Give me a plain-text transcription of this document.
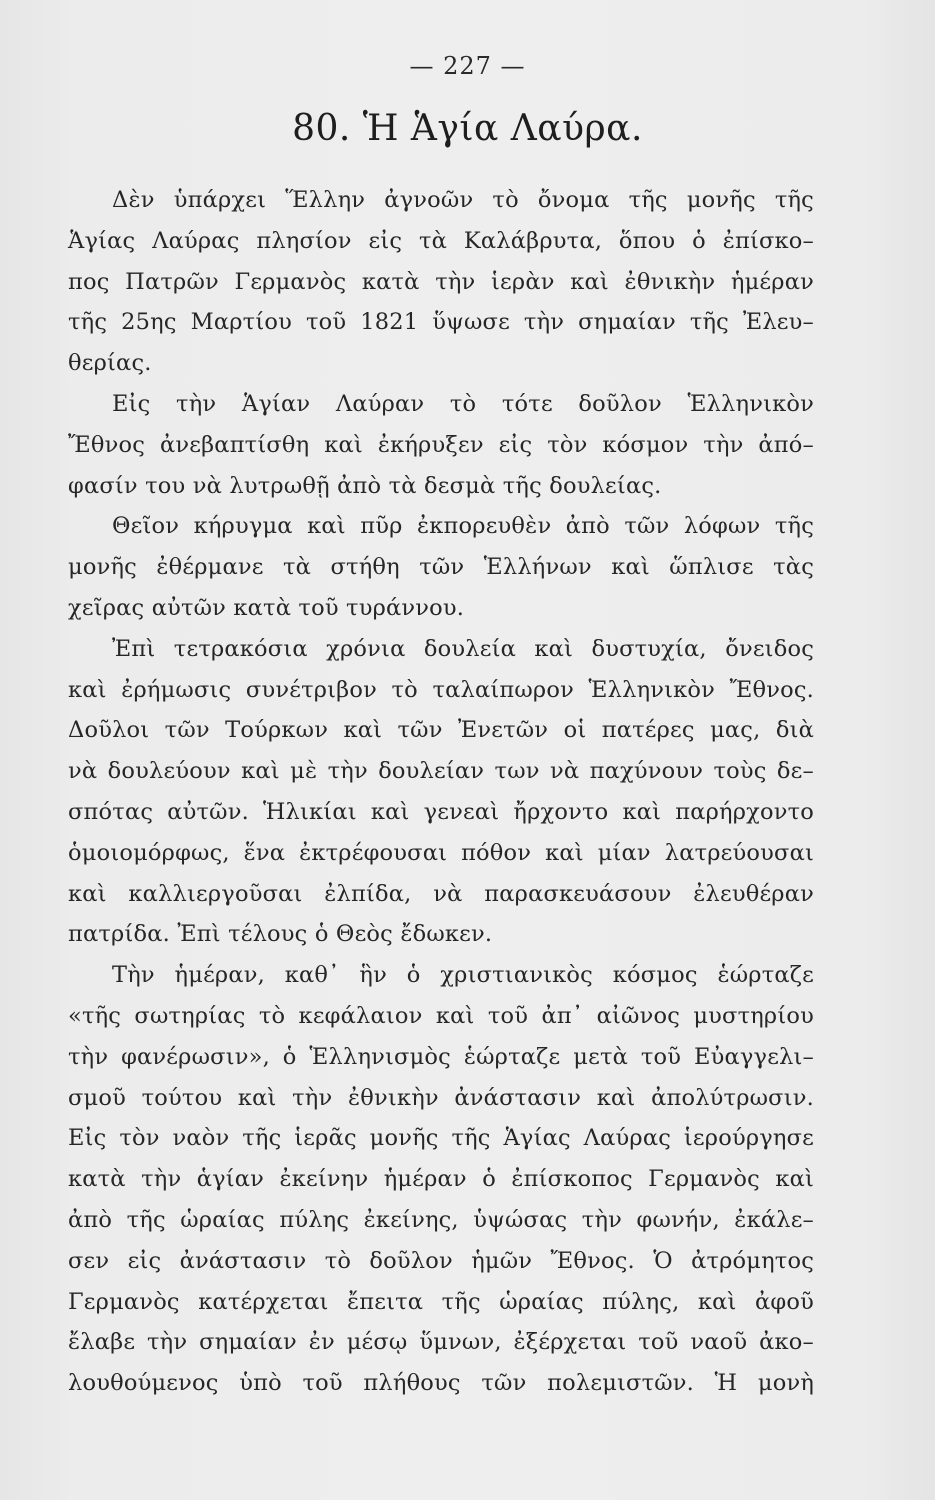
— 227 —
80. Ἡ Ἁγία Λαύρα.
Δὲν ὑπάρχει Ἕλλην ἀγνοῶν τὸ ὄνομα τῆς μονῆς τῆς
Ἁγίας Λαύρας πλησίον εἰς τὰ Καλάβρυτα, ὅπου ὁ ἐπίσκο–
πος Πατρῶν Γερμανὸς κατὰ τὴν ἱερὰν καὶ ἐθνικὴν ἡμέραν
τῆς 25ης Μαρτίου τοῦ 1821 ὕψωσε τὴν σημαίαν τῆς Ἐλευ–
θερίας.
Εἰς τὴν Ἁγίαν Λαύραν τὸ τότε δοῦλον Ἑλληνικὸν
Ἔθνος ἀνεβαπτίσθη καὶ ἐκήρυξεν εἰς τὸν κόσμον τὴν ἀπό–
φασίν του νὰ λυτρωθῇ ἀπὸ τὰ δεσμὰ τῆς δουλείας.
Θεῖον κήρυγμα καὶ πῦρ ἐκπορευθὲν ἀπὸ τῶν λόφων τῆς
μονῆς ἐθέρμανε τὰ στήθη τῶν Ἑλλήνων καὶ ὥπλισε τὰς
χεῖρας αὐτῶν κατὰ τοῦ τυράννου.
Ἐπὶ τετρακόσια χρόνια δουλεία καὶ δυστυχία, ὄνειδος
καὶ ἐρήμωσις συνέτριβον τὸ ταλαίπωρον Ἑλληνικὸν Ἔθνος.
Δοῦλοι τῶν Τούρκων καὶ τῶν Ἐνετῶν οἱ πατέρες μας, διὰ
νὰ δουλεύουν καὶ μὲ τὴν δουλείαν των νὰ παχύνουν τοὺς δε–
σπότας αὐτῶν. Ἡλικίαι καὶ γενεαὶ ἤρχοντο καὶ παρήρχοντο
ὁμοιομόρφως, ἕνα ἐκτρέφουσαι πόθον καὶ μίαν λατρεύουσαι
καὶ καλλιεργοῦσαι ἐλπίδα, νὰ παρασκευάσουν ἐλευθέραν
πατρίδα. Ἐπὶ τέλους ὁ Θεὸς ἔδωκεν.
Τὴν ἡμέραν, καθ᾽ ἣν ὁ χριστιανικὸς κόσμος ἑώρταζε
«τῆς σωτηρίας τὸ κεφάλαιον καὶ τοῦ ἀπ᾽ αἰῶνος μυστηρίου
τὴν φανέρωσιν», ὁ Ἑλληνισμὸς ἑώρταζε μετὰ τοῦ Εὐαγγελι–
σμοῦ τούτου καὶ τὴν ἐθνικὴν ἀνάστασιν καὶ ἀπολύτρωσιν.
Εἰς τὸν ναὸν τῆς ἱερᾶς μονῆς τῆς Ἁγίας Λαύρας ἱερούργησε
κατὰ τὴν ἁγίαν ἐκείνην ἡμέραν ὁ ἐπίσκοπος Γερμανὸς καὶ
ἀπὸ τῆς ὡραίας πύλης ἐκείνης, ὑψώσας τὴν φωνήν, ἐκάλε–
σεν εἰς ἀνάστασιν τὸ δοῦλον ἡμῶν Ἔθνος. Ὁ ἀτρόμητος
Γερμανὸς κατέρχεται ἔπειτα τῆς ὡραίας πύλης, καὶ ἀφοῦ
ἔλαβε τὴν σημαίαν ἐν μέσῳ ὕμνων, ἐξέρχεται τοῦ ναοῦ ἀκο–
λουθούμενος ὑπὸ τοῦ πλήθους τῶν πολεμιστῶν. Ἡ μονὴ
